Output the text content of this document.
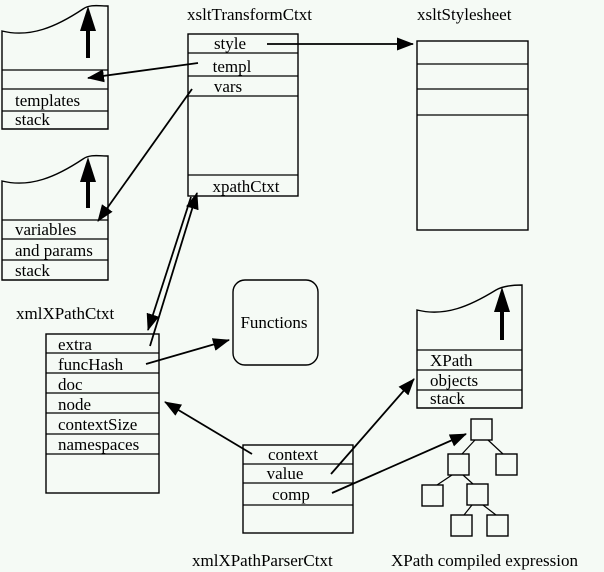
templates
stack
variables
and params
stack
xsltTransformCtxt
style
templ
vars
xpathCtxt
xsltStylesheet
xmlXPathCtxt
extra
funcHash
doc
node
contextSize
namespaces
Functions
XPath
objects
stack
context
value
comp
xmlXPathParserCtxt	XPath compiled expression
